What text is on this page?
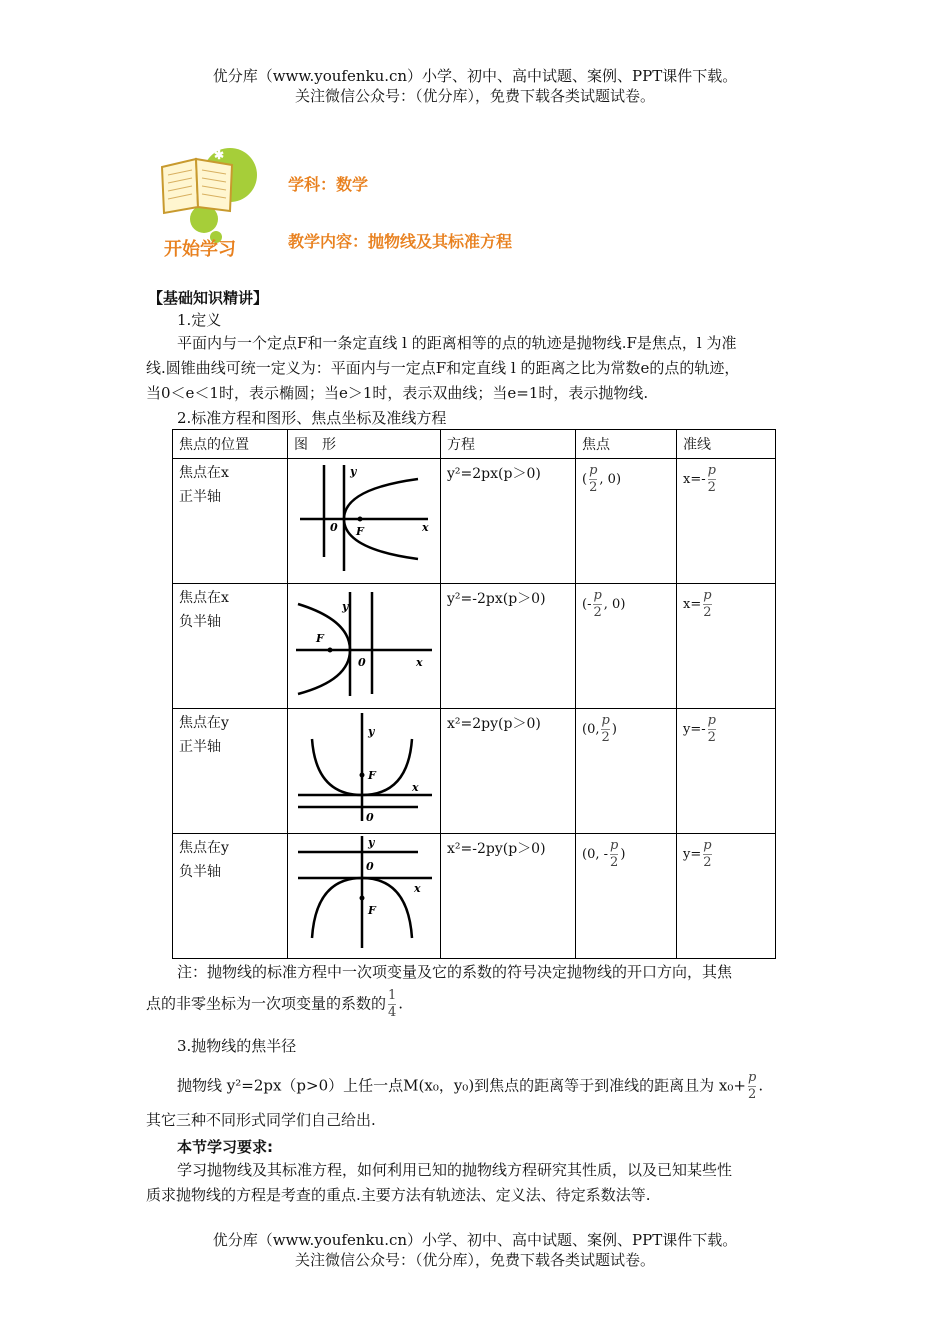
优分库（www.youfenku.cn）小学、初中、高中试题、案例、PPT课件下载。
关注微信公众号：（优分库），免费下载各类试题试卷。
✱
开始学习
学科：数学
教学内容：抛物线及其标准方程
【基础知识精讲】
1.定义
平面内与一个定点F和一条定直线 l 的距离相等的点的轨迹是抛物线.F是焦点，l 为准
线.圆锥曲线可统一定义为：平面内与一定点F和定直线 l 的距离之比为常数e的点的轨迹，
当0＜e＜1时，表示椭圆；当e＞1时，表示双曲线；当e=1时，表示抛物线.
2.标准方程和图形、焦点坐标及准线方程
焦点的位置	图　形	方程	焦点	准线
焦点在x
正半轴	y
0 F x	y²=2px(p＞0)	( $\frac{p}{2}$ , 0)	$x=- \frac{p}{2}$

焦点在x
负半轴	y
0
F
x	y²=-2px(p＞0)	(- $\frac{p}{2}$ , 0)	$x= \frac{p}{2}$

焦点在y
正半轴	y
0
F
x	x²=2py(p＞0)	(0, $\frac{p}{2}$ )	$y=- \frac{p}{2}$

焦点在y
负半轴	y
0
F
x	x²=-2py(p＞0)	(0, - $\frac{p}{2}$ )	$y= \frac{p}{2}$
注：抛物线的标准方程中一次项变量及它的系数的符号决定抛物线的开口方向，其焦
点的非零坐标为一次项变量的系数的 $\frac{1}{4}$ .
3.抛物线的焦半径
抛物线 y²=2px（p>0）上任一点M(x₀，y₀)到焦点的距离等于到准线的距离且为 $x_0+ \frac{p}{2}$ .
其它三种不同形式同学们自己给出.
本节学习要求:
学习抛物线及其标准方程，如何利用已知的抛物线方程研究其性质，以及已知某些性
质求抛物线的方程是考查的重点.主要方法有轨迹法、定义法、待定系数法等.
优分库（www.youfenku.cn）小学、初中、高中试题、案例、PPT课件下载。
关注微信公众号：（优分库），免费下载各类试题试卷。
